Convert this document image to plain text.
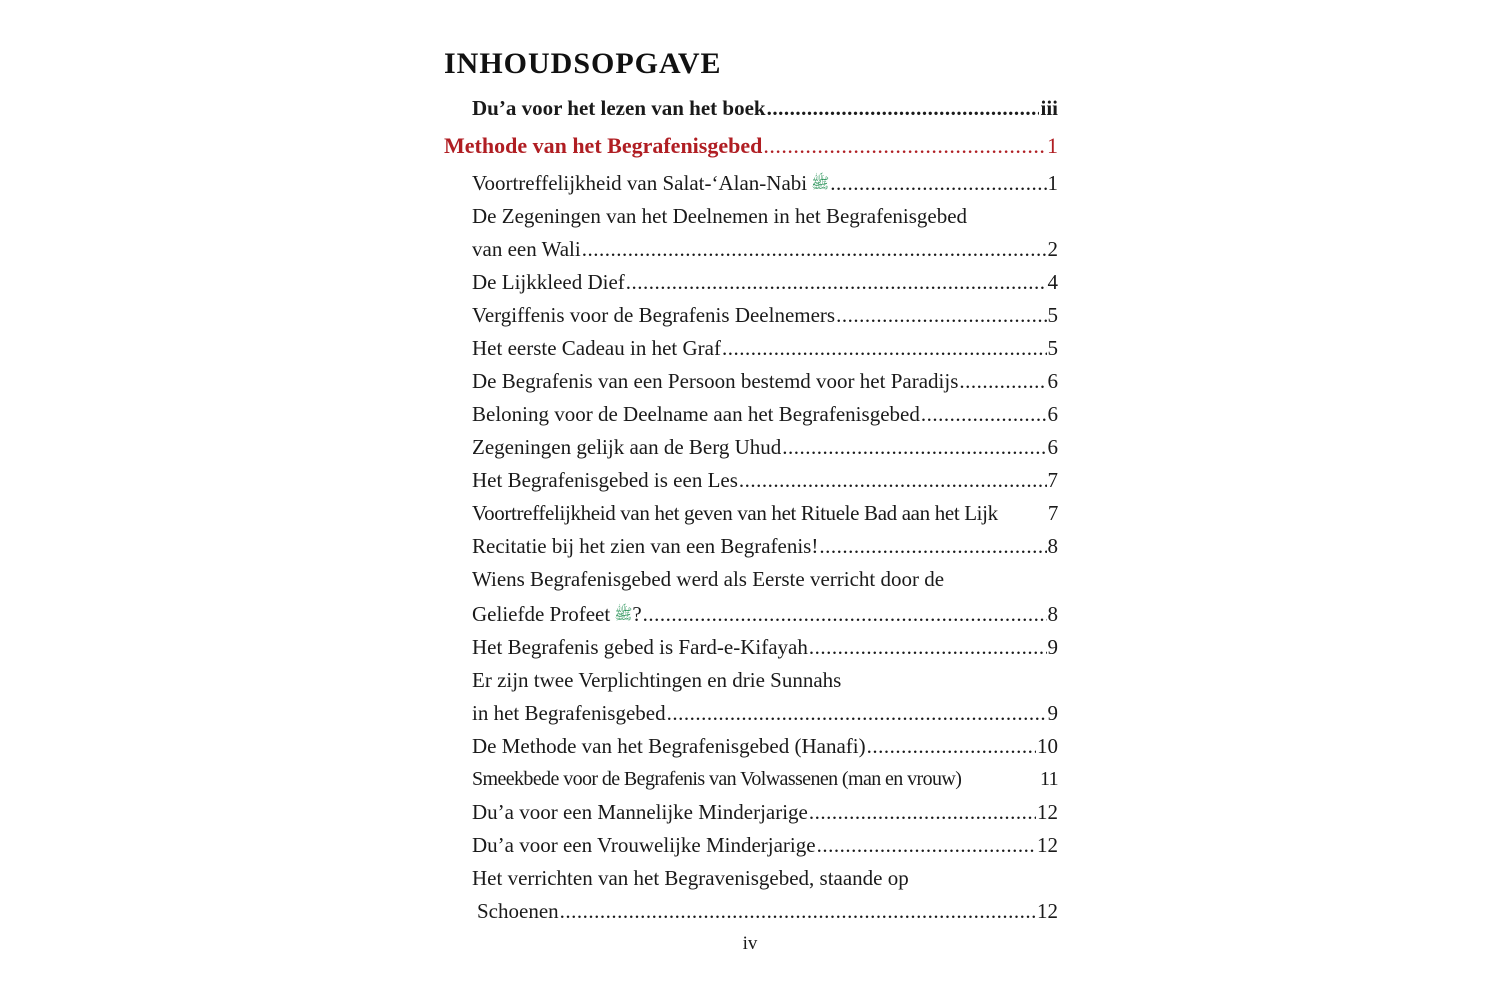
INHOUDSOPGAVE
Du’a voor het lezen van het boek .....	iii
Methode van het Begrafenisgebed .....	1
Voortreffelijkheid van Salat-‘Alan-Nabi ﷺ .....	1
De Zegeningen van het Deelnemen in het Begrafenisgebed
van een Wali .....	2
De Lijkkleed Dief .....	4
Vergiffenis voor de Begrafenis Deelnemers .....	5
Het eerste Cadeau in het Graf .....	5
De Begrafenis van een Persoon bestemd voor het Paradijs .....	6
Beloning voor de Deelname aan het Begrafenisgebed .....	6
Zegeningen gelijk aan de Berg Uhud .....	6
Het Begrafenisgebed is een Les .....	7
Voortreffelijkheid van het geven van het Rituele Bad aan het Lijk 7
Recitatie bij het zien van een Begrafenis! .....	8
Wiens Begrafenisgebed werd als Eerste verricht door de
Geliefde Profeet ﷺ? .....	8
Het Begrafenis gebed is Fard-e-Kifayah .....	9
Er zijn twee Verplichtingen en drie Sunnahs
in het Begrafenisgebed .....	9
De Methode van het Begrafenisgebed (Hanafi) .....	10
Smeekbede voor de Begrafenis van Volwassenen (man en vrouw)	11
Du’a voor een Mannelijke Minderjarige .....	12
Du’a voor een Vrouwelijke Minderjarige .....	12
Het verrichten van het Begravenisgebed, staande op
Schoenen .....	12
iv
